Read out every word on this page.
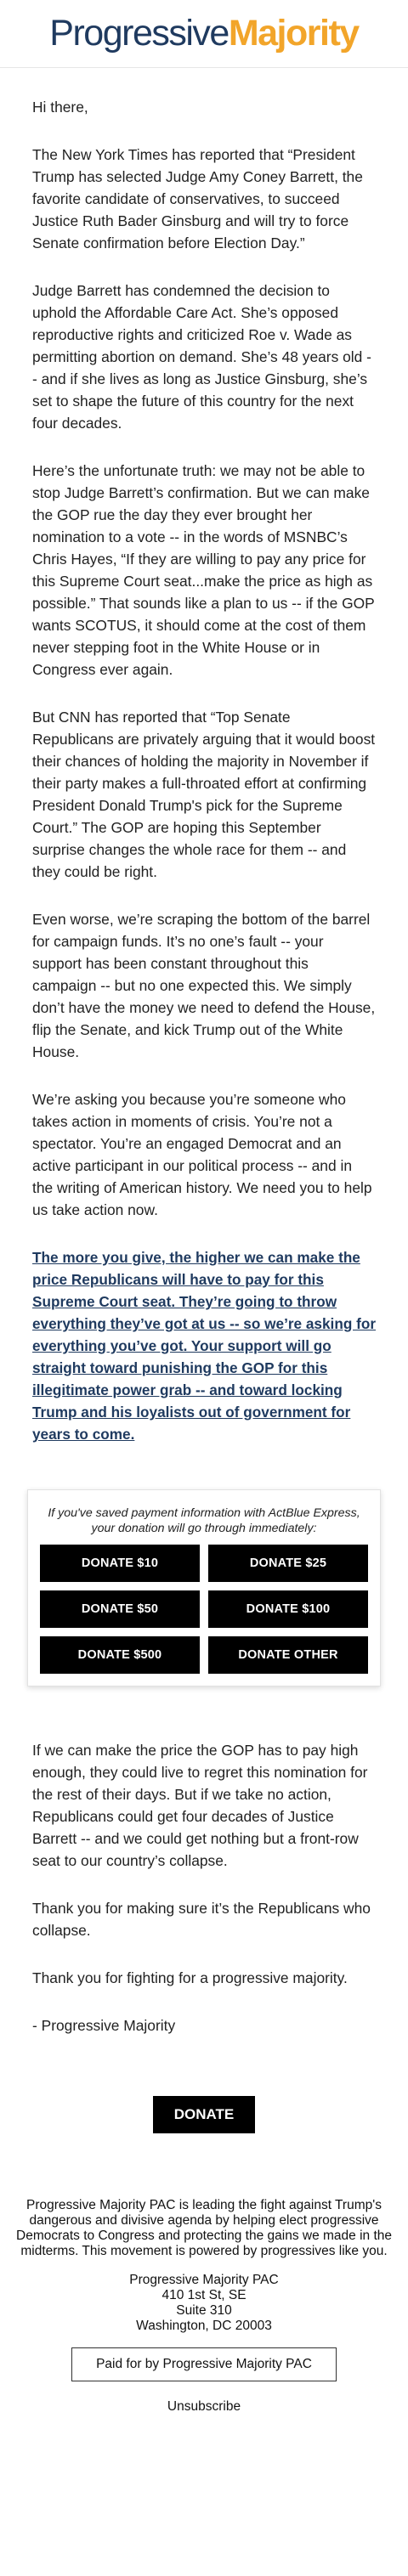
ProgressiveMajority

Hi there,

The New York Times has reported that “President Trump has selected Judge Amy Coney Barrett, the favorite candidate of conservatives, to succeed Justice Ruth Bader Ginsburg and will try to force Senate confirmation before Election Day.”

Judge Barrett has condemned the decision to uphold the Affordable Care Act. She’s opposed reproductive rights and criticized Roe v. Wade as permitting abortion on demand. She’s 48 years old -- and if she lives as long as Justice Ginsburg, she’s set to shape the future of this country for the next four decades.

Here’s the unfortunate truth: we may not be able to stop Judge Barrett’s confirmation. But we can make the GOP rue the day they ever brought her nomination to a vote -- in the words of MSNBC’s Chris Hayes, “If they are willing to pay any price for this Supreme Court seat...make the price as high as possible.” That sounds like a plan to us -- if the GOP wants SCOTUS, it should come at the cost of them never stepping foot in the White House or in Congress ever again.

But CNN has reported that “Top Senate Republicans are privately arguing that it would boost their chances of holding the majority in November if their party makes a full-throated effort at confirming President Donald Trump's pick for the Supreme Court.” The GOP are hoping this September surprise changes the whole race for them -- and they could be right.

Even worse, we’re scraping the bottom of the barrel for campaign funds. It’s no one’s fault -- your support has been constant throughout this campaign -- but no one expected this. We simply don’t have the money we need to defend the House, flip the Senate, and kick Trump out of the White House.

We’re asking you because you’re someone who takes action in moments of crisis. You’re not a spectator. You’re an engaged Democrat and an active participant in our political process -- and in the writing of American history. We need you to help us take action now.

The more you give, the higher we can make the price Republicans will have to pay for this Supreme Court seat. They’re going to throw everything they’ve got at us -- so we’re asking for everything you’ve got. Your support will go straight toward punishing the GOP for this illegitimate power grab -- and toward locking Trump and his loyalists out of government for years to come.

If you've saved payment information with ActBlue Express, your donation will go through immediately:

DONATE $10	DONATE $25
DONATE $50	DONATE $100
DONATE $500	DONATE OTHER

If we can make the price the GOP has to pay high enough, they could live to regret this nomination for the rest of their days. But if we take no action, Republicans could get four decades of Justice Barrett -- and we could get nothing but a front-row seat to our country’s collapse.

Thank you for making sure it’s the Republicans who collapse.

Thank you for fighting for a progressive majority.

- Progressive Majority

DONATE

Progressive Majority PAC is leading the fight against Trump's dangerous and divisive agenda by helping elect progressive Democrats to Congress and protecting the gains we made in the midterms. This movement is powered by progressives like you.

Progressive Majority PAC
410 1st St, SE
Suite 310
Washington, DC 20003
Paid for by Progressive Majority PAC
Unsubscribe
